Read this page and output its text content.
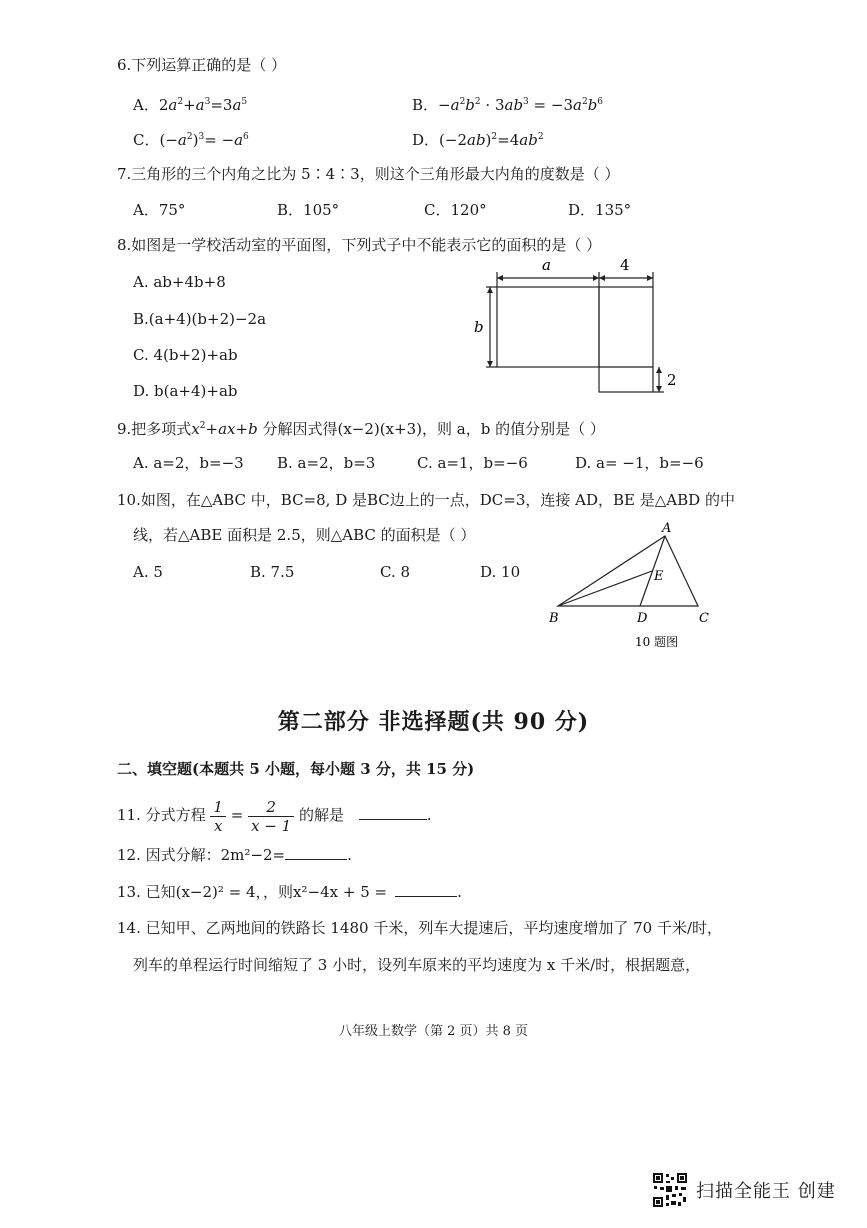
6.下列运算正确的是（ ）
A．$2a^2+a^3=3a^5$	B．$-a^2b^2 \cdot 3ab^3 = -3a^2b^6$
C．$(-a^2)^3= -a^6$	D．$(-2ab)^2=4ab^2$
7.三角形的三个内角之比为 5∶4∶3，则这个三角形最大内角的度数是（ ）
A．75°	B．105°	C．120°	D．135°
8.如图是一学校活动室的平面图，下列式子中不能表示它的面积的是（ ）
A. ab+4b+8
B.(a+4)(b+2)−2a
C. 4(b+2)+ab
D. b(a+4)+ab
a	4
b
2
9.把多项式$x^2+ax+b$ 分解因式得(x−2)(x+3)，则 a，b 的值分别是（ ）
A. a=2，b=−3 B. a=2，b=3	C. a=1，b=−6	D. a= −1，b=−6
10.如图，在△ABC 中，BC=8, D 是BC边上的一点，DC=3，连接 AD，BE 是△ABD 的中
线，若△ABE 面积是 2.5，则△ABC 的面积是（ ）
A. 5	B. 7.5	C. 8	D. 10
A
B	C
D
E
10 题图
第二部分 非选择题(共 90 分)
二、填空题(本题共 5 小题，每小题 3 分，共 15 分)
11. 分式方程 $\frac{1}{x} = \frac{2}{x - 1}$ 的解是	.
12. 因式分解：2m²−2=	.
13. 已知(x−2)² = 4，，则x²−4x + 5 =	.
14. 已知甲、乙两地间的铁路长 1480 千米，列车大提速后，平均速度增加了 70 千米/时，
列车的单程运行时间缩短了 3 小时，设列车原来的平均速度为 x 千米/时，根据题意，
八年级上数学（第 2 页）共 8 页
扫描全能王 创建
